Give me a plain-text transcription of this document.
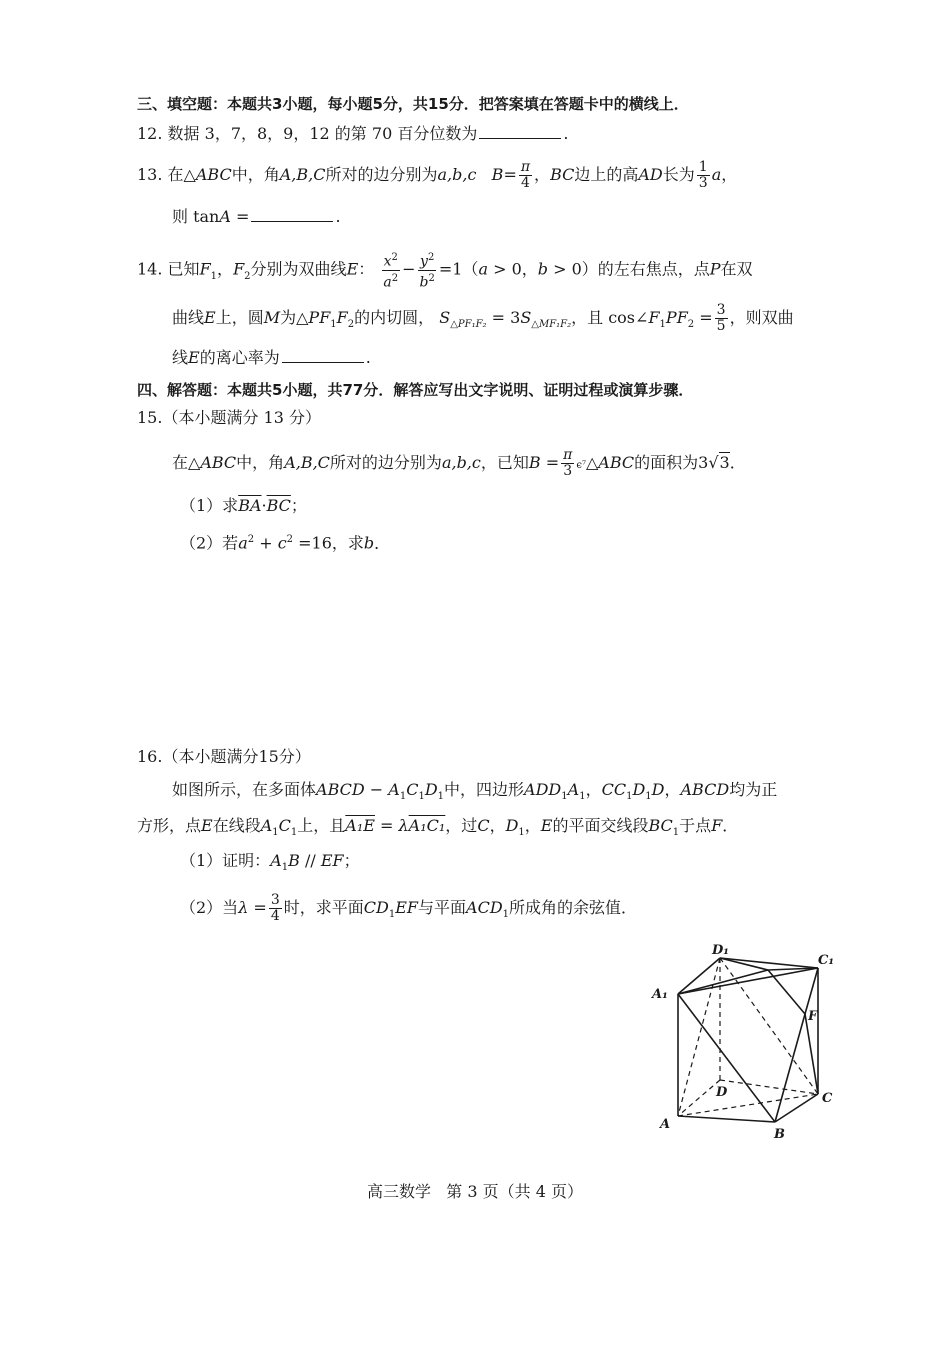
三、填空题：本题共3小题，每小题5分，共15分．把答案填在答题卡中的横线上．
12. 数据 3，7，8，9，12 的第 70 百分位数为	.
13. 在△ABC中，角A,B,C所对的边分别为a,b,c $B= \frac{\pi}{4}$ ，BC边上的高AD长为 $\frac{1}{3}$ a，
则 tanA =	.
14. 已知$F_1$，$F_2$分别为双曲线E： $\frac{x^2}{a^2} - \frac{y^2}{b^2} =1(a > 0$，b > 0）的左右焦点，点P在双
曲线E上，圆M为$\triangle PF_1F_2$的内切圆， $S_{\triangle PF_1F_2} = 3S_{\triangle MF_1F_2}$，且 $\cos\angle F_1PF_2 = \frac{3}{5}$ ，则双曲
线E的离心率为	.
四、解答题：本题共5小题，共77分．解答应写出文字说明、证明过程或演算步骤．
15.（本小题满分 13 分）
在△ABC中，角A,B,C所对的边分别为a,b,c，已知$B = \frac{\pi}{3}$ ϵ⁷△ABC的面积为3√3．
（1）求$\overline{BA}\cdot\overline{BC}$；
（2）若$a^2 + c^2 =16$，求b．
16.（本小题满分15分）
如图所示，在多面体ABCD − $A_1C_1D_1$中，四边形$ADD_1A_1$，$CC_1D_1D$，ABCD均为正
方形，点E在线段$A_1C_1$上，且A₁E = λA₁C₁，过C，$D_1$，E的平面交线段$BC_1$于点F．
（1）证明：$A_1B$ // EF；
（2）当$\lambda = \frac{3}{4}$ 时，求平面$CD_1EF$与平面$ACD_1$所成角的余弦值．
D₁
C₁
A₁
F
D	C
A
B
高三数学   第 3 页（共 4 页）
